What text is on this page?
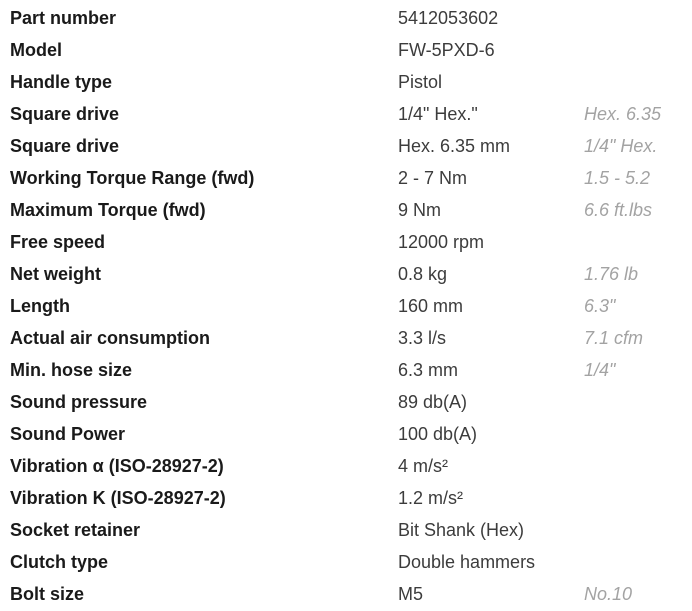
Part number	5412053602
Model	FW-5PXD-6
Handle type	Pistol
Square drive	1/4" Hex."	Hex. 6.35
Square drive	Hex. 6.35 mm	1/4" Hex.
Working Torque Range (fwd)	2 - 7 Nm	1.5 - 5.2
Maximum Torque (fwd)	9 Nm	6.6 ft.lbs
Free speed	12000 rpm
Net weight	0.8 kg	1.76 lb
Length	160 mm	6.3"
Actual air consumption	3.3 l/s	7.1 cfm
Min. hose size	6.3 mm	1/4"
Sound pressure	89 db(A)
Sound Power	100 db(A)
Vibration α (ISO-28927-2)	4 m/s²
Vibration K (ISO-28927-2)	1.2 m/s²
Socket retainer	Bit Shank (Hex)
Clutch type	Double hammers
Bolt size	M5	No.10
